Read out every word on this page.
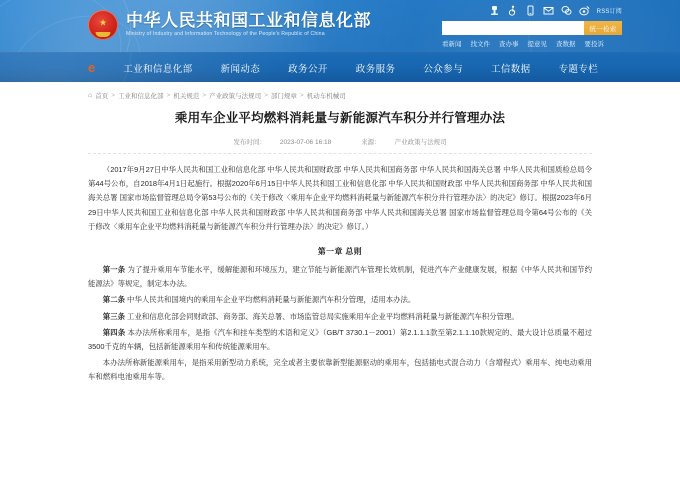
★ 中华人民共和国工业和信息化部
Ministry of Industry and Information Technology of the People's Republic of China
RSS订阅
统一检索
看新闻 找文件 查办事 提意见 查数据 要投诉
e	工业和信息化部	新闻动态	政务公开	政务服务	公众参与	工信数据	专题专栏
⌂ 首页 > 工业和信息化部 > 机关规范 > 产业政策与法规司 > 部门规章 > 机动车机械司
乘用车企业平均燃料消耗量与新能源汽车积分并行管理办法
发布时间： 2023-07-06 16:18	来源： 产业政策与法规司

（2017年9月27日中华人民共和国工业和信息化部 中华人民共和国财政部 中华人民共和国商务部 中华人民共和国海关总署 中华人民共和国质检总局令第44号公布，自2018年4月1日起施行。根据2020年6月15日中华人民共和国工业和信息化部 中华人民共和国财政部 中华人民共和国商务部 中华人民共和国海关总署 国家市场监督管理总局令第53号公布的《关于修改〈乘用车企业平均燃料消耗量与新能源汽车积分并行管理办法〉的决定》修订。根据2023年6月29日中华人民共和国工业和信息化部 中华人民共和国财政部 中华人民共和国商务部 中华人民共和国海关总署 国家市场监督管理总局令第64号公布的《关于修改〈乘用车企业平均燃料消耗量与新能源汽车积分并行管理办法〉的决定》修订。）

第一章 总则

第一条 为了提升乘用车节能水平，缓解能源和环境压力，建立节能与新能源汽车管理长效机制，促进汽车产业健康发展，根据《中华人民共和国节约能源法》等规定，制定本办法。

第二条 中华人民共和国境内的乘用车企业平均燃料消耗量与新能源汽车积分管理，适用本办法。

第三条 工业和信息化部会同财政部、商务部、海关总署、市场监管总局实施乘用车企业平均燃料消耗量与新能源汽车积分管理。

第四条 本办法所称乘用车，是指《汽车和挂车类型的术语和定义》（GB/T 3730.1－2001）第2.1.1.1款至第2.1.1.10款规定的、最大设计总质量不超过3500千克的车辆，包括新能源乘用车和传统能源乘用车。

本办法所称新能源乘用车，是指采用新型动力系统，完全或者主要依靠新型能源驱动的乘用车，包括插电式混合动力（含增程式）乘用车、纯电动乘用车和燃料电池乘用车等。
